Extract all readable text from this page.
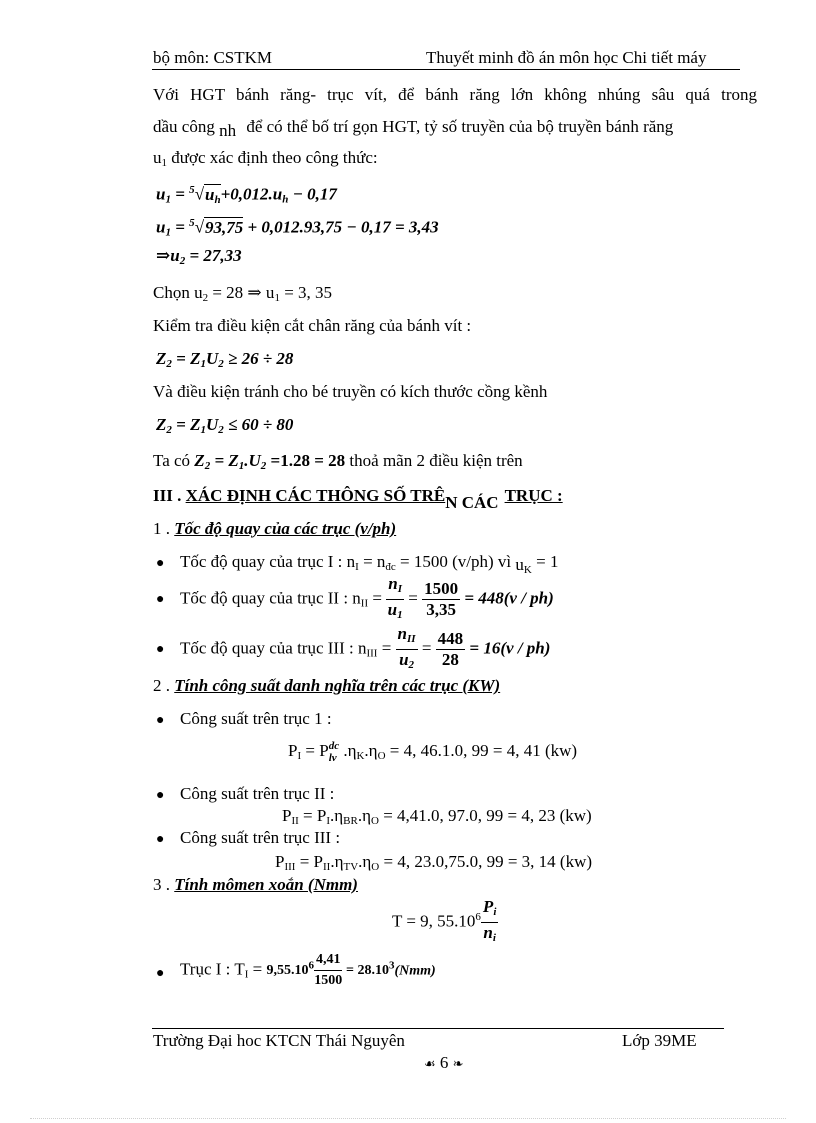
bộ môn: CSTKM	Thuyết minh đồ án môn học Chi tiết máy
Với HGT bánh răng- trục vít, để bánh răng lớn không nhúng sâu quá trong
dầu công nh để có thể bố trí gọn HGT, tỷ số truyền của bộ truyền bánh răng
$u_1$ được xác định theo công thức:
$u_1 = ^5√u_h+0,012.u_h - 0,17$
$u_1 = ^5√93,75 + 0,012.93,75 - 0,17 = 3,43$
$\Rightarrow u_2 = 27,33$
Chọn $u_2 = 28$ ⇒ $u_1 = 3$, 35
Kiểm tra điều kiện cắt chân răng của bánh vít :
$Z_2 = Z_1U_2 \ge 26 \div 28$
Và điều kiện tránh cho bé truyền có kích thước cồng kềnh
$Z_2 = Z_1U_2 \le 60 \div 80$
Ta có $Z_2 = Z_1.U_2 =1.28 = 28$ thoả mãn 2 điều kiện trên
III . XÁC ĐỊNH CÁC THÔNG SỐ TRÊN CÁC TRỤC :
1 . Tốc độ quay của các trục (v/ph)
● Tốc độ quay của trục I : $n_I = n_{đc} = 1500$ (v/ph) vì $u_K = 1$
● Tốc độ quay của trục II : $n_{II} = \frac{n_I}{u_1} = \frac{1500}{3,35} = 448(v / ph)$
● Tốc độ quay của trục III : $n_{III} = \frac{n_{II}}{u_2} = \frac{448}{28} = 16(v / ph)$
2 . Tính công suất danh nghĩa trên các trục (KW)
● Công suất trên trục 1 :
$P_I = P$ dc
lv $.\eta_K.\eta_O = 4$, 46.1.0, 99 = 4, 41 (kw)
● Công suất trên trục II :
$P_{II} = P_I.\eta_{BR}.\eta_O = 4,41.0$, 97.0, 99 = 4, 23 (kw)
● Công suất trên trục III :
$P_{III} = P_{II}.\eta_{TV}.\eta_O = 4$, 23.0,75.0, 99 = 3, 14 (kw)
3 . Tính mômen xoắn (Nmm)
T = 9, $55.10^6 \frac{P_i}{n_i}$
● Trục I : $T_I = 9,55.10^6 \frac{4,41}{1500} = 28.10^3(Nmm)$
Trường Đại hoc KTCN Thái Nguyên	Lớp 39ME
☙ 6 ❧
